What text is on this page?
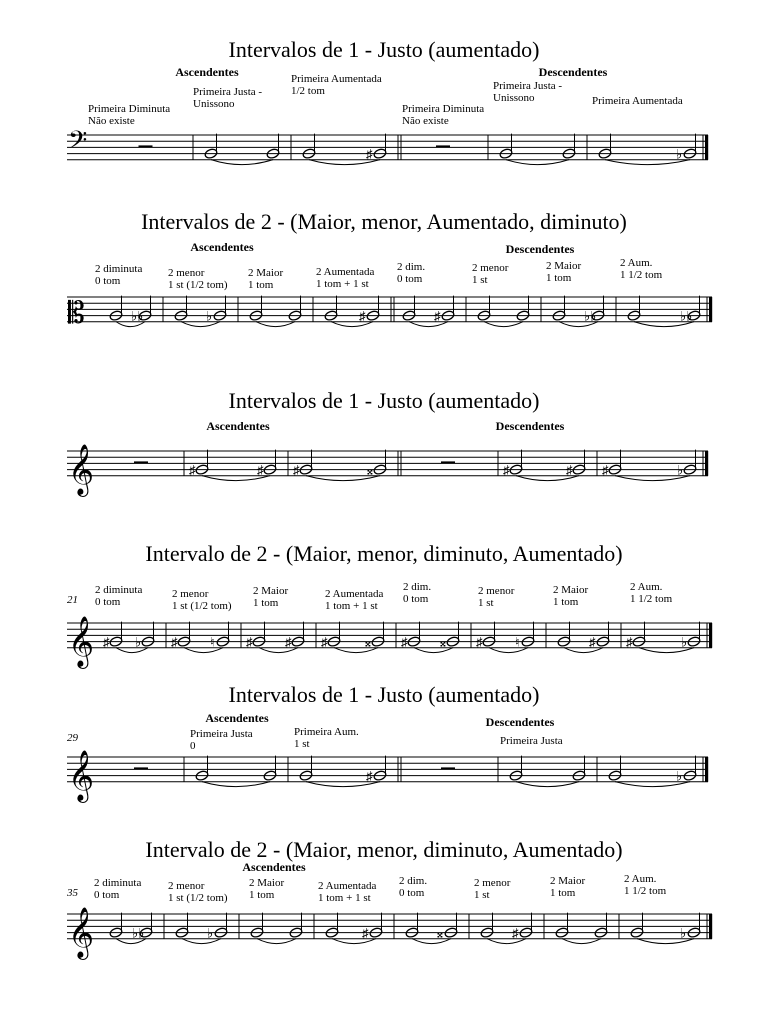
Intervalos de 1 - Justo (aumentado)
𝄢	♯	♭
Primeira Diminuta
Não existe
Primeira Justa -
Unissono
Primeira Aumentada
1/2 tom
Primeira Diminuta
Não existe
Primeira Justa -
Unissono	Primeira Aumentada
Ascendentes	Descendentes
Intervalos de 2 - (Maior, menor, Aumentado, diminuto)
𝄡	♭♭	♭	♯	♯	♭♭	♭♭
2 diminuta
0 tom
2 menor
1 st (1/2 tom)
2 Maior
1 tom
2 Aumentada
1 tom + 1 st
2 dim.
0 tom
2 menor
1 st
2 Maior
1 tom
2 Aum.
1 1/2 tom
Ascendentes	Descendentes
Intervalos de 1 - Justo (aumentado)
𝄞	♯	♯ ♯	𝄪	♯	♯ ♯	♭
Ascendentes	Descendentes
Intervalo de 2 - (Maior, menor, diminuto, Aumentado)
21
𝄞 ♯ ♭ ♯	♮ ♯	♯ ♯	𝄪 ♯	𝄪 ♯	♮	♯ ♯	♭
2 diminuta
0 tom
2 menor
1 st (1/2 tom)
2 Maior
1 tom
2 Aumentada
1 tom + 1 st
2 dim.
0 tom
2 menor
1 st
2 Maior
1 tom
2 Aum.
1 1/2 tom
Intervalos de 1 - Justo (aumentado)
29
𝄞	♯	♭
Primeira Justa
0
Primeira Aum.
1 st	Primeira Justa
Ascendentes	Descendentes
Intervalo de 2 - (Maior, menor, diminuto, Aumentado)
35
𝄞	♭♭	♭	♯	𝄪	♯	♭
2 diminuta
0 tom
2 menor
1 st (1/2 tom)
2 Maior
1 tom
2 Aumentada
1 tom + 1 st
2 dim.
0 tom
2 menor
1 st
2 Maior
1 tom
2 Aum.
1 1/2 tom
Ascendentes
